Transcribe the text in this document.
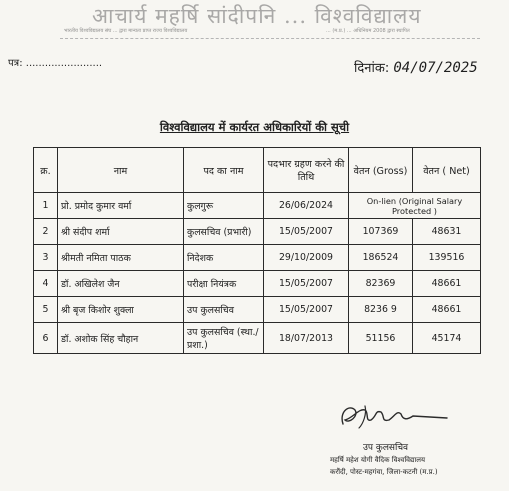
आचार्य महर्षि सांदीपनि ... विश्वविद्यालय
भारतीय विश्वविद्यालय संघ ... द्वारा मान्यता प्राप्त राज्य विश्वविद्यालय	... (म.प्र.) ... अधिनियम 2008 द्वारा स्थापित
पत्र: ........................	दिनांक: 04/07/2025
विश्वविद्यालय में कार्यरत अधिकारियों की सूची
क्र.	नाम	पद का नाम	पदभार ग्रहण करने की तिथि	वेतन (Gross)	वेतन ( Net)
1	प्रो. प्रमोद कुमार वर्मा	कुलगुरू	26/06/2024	On-lien (Original Salary Protected )	
2	श्री संदीप शर्मा	कुलसचिव (प्रभारी)	15/05/2007	107369	48631
3	श्रीमती नमिता पाठक	निदेशक	29/10/2009	186524	139516
4	डॉ. अखिलेश जैन	परीक्षा नियंत्रक	15/05/2007	82369	48661
5	श्री बृज किशोर शुक्ला	उप कुलसचिव	15/05/2007	8236 9	48661
6	डॉ. अशोक सिंह चौहान	उप कुलसचिव (स्था./प्रशा.)	18/07/2013	51156	45174
उप कुलसचिव
महर्षि महेश योगी वैदिक विश्वविद्यालय
करौंदी, पोस्ट-महगंवा, जिला-कटनी (म.प्र.)
